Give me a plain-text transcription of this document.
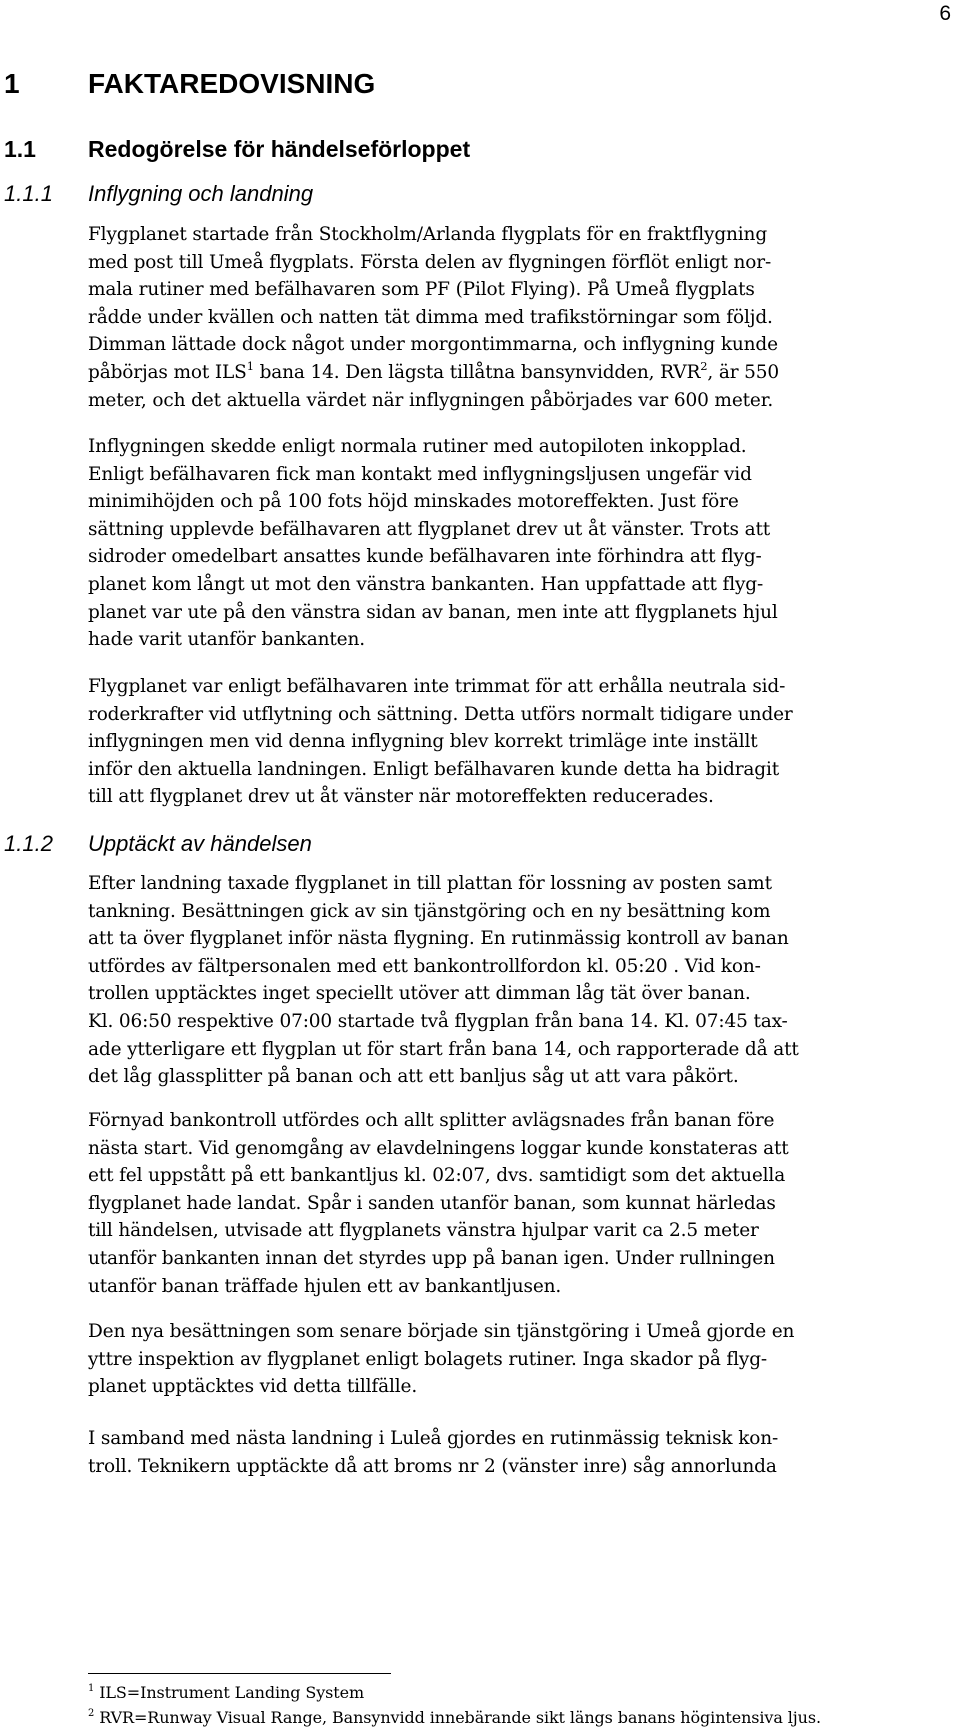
6
1 FAKTAREDOVISNING
1.1 Redogörelse för händelseförloppet
1.1.1 Inflygning och landning
Flygplanet startade från Stockholm/Arlanda flygplats för en fraktflygning
med post till Umeå flygplats. Första delen av flygningen förflöt enligt nor-
mala rutiner med befälhavaren som PF (Pilot Flying). På Umeå flygplats
rådde under kvällen och natten tät dimma med trafikstörningar som följd.
Dimman lättade dock något under morgontimmarna, och inflygning kunde
påbörjas mot ILS$^1$ bana 14. Den lägsta tillåtna bansynvidden, RVR$^2$, är 550
meter, och det aktuella värdet när inflygningen påbörjades var 600 meter.
Inflygningen skedde enligt normala rutiner med autopiloten inkopplad.
Enligt befälhavaren fick man kontakt med inflygningsljusen ungefär vid
minimihöjden och på 100 fots höjd minskades motoreffekten. Just före
sättning upplevde befälhavaren att flygplanet drev ut åt vänster. Trots att
sidroder omedelbart ansattes kunde befälhavaren inte förhindra att flyg-
planet kom långt ut mot den vänstra bankanten. Han uppfattade att flyg-
planet var ute på den vänstra sidan av banan, men inte att flygplanets hjul
hade varit utanför bankanten.
Flygplanet var enligt befälhavaren inte trimmat för att erhålla neutrala sid-
roderkrafter vid utflytning och sättning. Detta utförs normalt tidigare under
inflygningen men vid denna inflygning blev korrekt trimläge inte inställt
inför den aktuella landningen. Enligt befälhavaren kunde detta ha bidragit
till att flygplanet drev ut åt vänster när motoreffekten reducerades.
1.1.2 Upptäckt av händelsen
Efter landning taxade flygplanet in till plattan för lossning av posten samt
tankning. Besättningen gick av sin tjänstgöring och en ny besättning kom
att ta över flygplanet inför nästa flygning. En rutinmässig kontroll av banan
utfördes av fältpersonalen med ett bankontrollfordon kl. 05:20 . Vid kon-
trollen upptäcktes inget speciellt utöver att dimman låg tät över banan.
Kl. 06:50 respektive 07:00 startade två flygplan från bana 14. Kl. 07:45 tax-
ade ytterligare ett flygplan ut för start från bana 14, och rapporterade då att
det låg glassplitter på banan och att ett banljus såg ut att vara påkört.
Förnyad bankontroll utfördes och allt splitter avlägsnades från banan före
nästa start. Vid genomgång av elavdelningens loggar kunde konstateras att
ett fel uppstått på ett bankantljus kl. 02:07, dvs. samtidigt som det aktuella
flygplanet hade landat. Spår i sanden utanför banan, som kunnat härledas
till händelsen, utvisade att flygplanets vänstra hjulpar varit ca 2.5 meter
utanför bankanten innan det styrdes upp på banan igen. Under rullningen
utanför banan träffade hjulen ett av bankantljusen.
Den nya besättningen som senare började sin tjänstgöring i Umeå gjorde en
yttre inspektion av flygplanet enligt bolagets rutiner. Inga skador på flyg-
planet upptäcktes vid detta tillfälle.
I samband med nästa landning i Luleå gjordes en rutinmässig teknisk kon-
troll. Teknikern upptäckte då att broms nr 2 (vänster inre) såg annorlunda
$^1$ ILS=Instrument Landing System
$^2$ RVR=Runway Visual Range, Bansynvidd innebärande sikt längs banans högintensiva ljus.
